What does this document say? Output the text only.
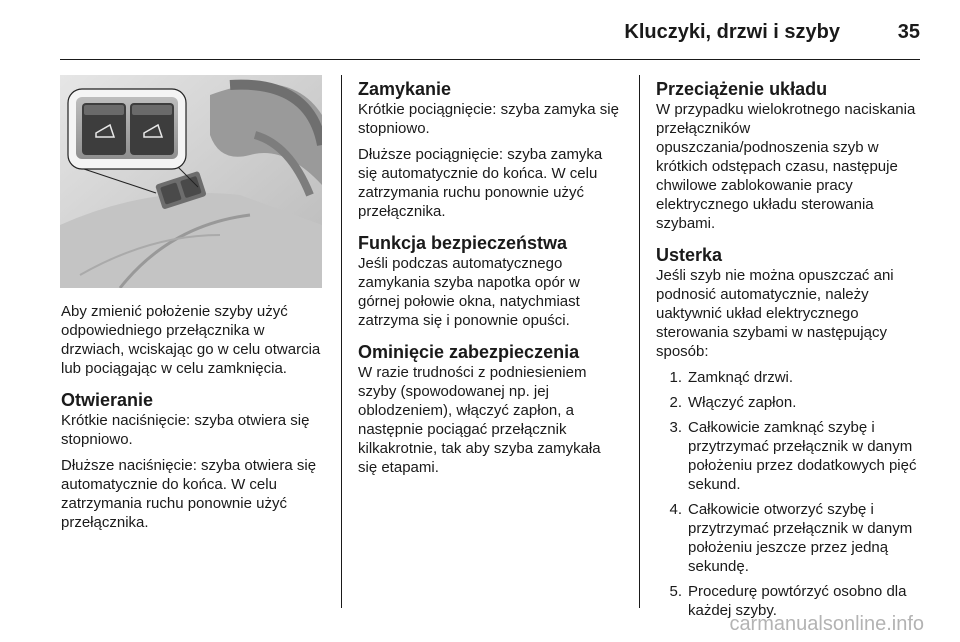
Kluczyki, drzwi i szyby	35

Aby zmienić położenie szyby użyć odpowiedniego przełącznika w drzwiach, wciskając go w celu otwarcia lub pociągając w celu zamknięcia.

Otwieranie

Krótkie naciśnięcie: szyba otwiera się stopniowo.

Dłuższe naciśnięcie: szyba otwiera się automatycznie do końca. W celu zatrzymania ruchu ponownie użyć przełącznika.

Zamykanie

Krótkie pociągnięcie: szyba zamyka się stopniowo.

Dłuższe pociągnięcie: szyba zamyka się automatycznie do końca. W celu zatrzymania ruchu ponownie użyć przełącznika.

Funkcja bezpieczeństwa

Jeśli podczas automatycznego zamykania szyba napotka opór w górnej połowie okna, natychmiast zatrzyma się i ponownie opuści.

Ominięcie zabezpieczenia

W razie trudności z podniesieniem szyby (spowodowanej np. jej oblodzeniem), włączyć zapłon, a następnie pociągać przełącznik kilkakrotnie, tak aby szyba zamykała się etapami.

Przeciążenie układu

W przypadku wielokrotnego naciskania przełączników opuszczania/podnoszenia szyb w krótkich odstępach czasu, następuje chwilowe zablokowanie pracy elektrycznego układu sterowania szybami.

Usterka

Jeśli szyb nie można opuszczać ani podnosić automatycznie, należy uaktywnić układ elektrycznego sterowania szybami w następujący sposób:

1. Zamknąć drzwi.
2. Włączyć zapłon.
3. Całkowicie zamknąć szybę i przytrzymać przełącznik w danym położeniu przez dodatkowych pięć sekund.
4. Całkowicie otworzyć szybę i przytrzymać przełącznik w danym położeniu jeszcze przez jedną sekundę.
5. Procedurę powtórzyć osobno dla każdej szyby.
carmanualsonline.info
